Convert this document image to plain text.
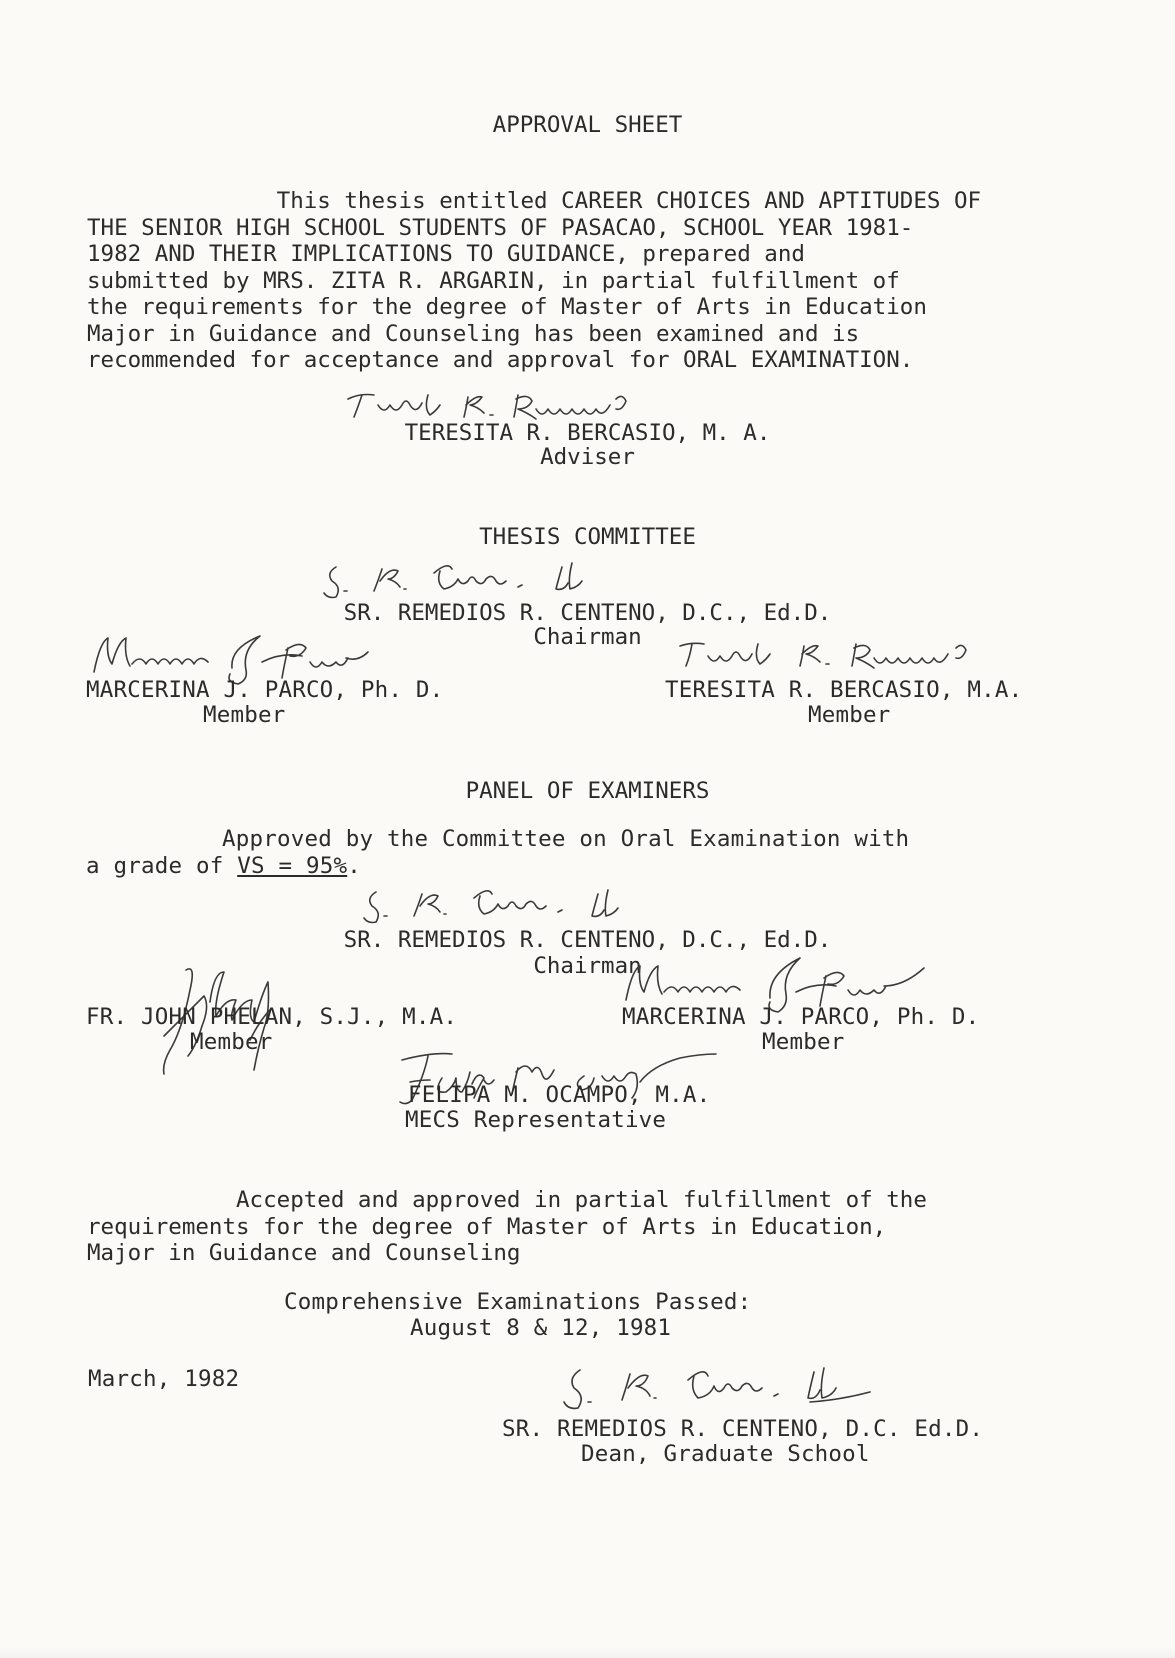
APPROVAL SHEET
This thesis entitled CAREER CHOICES AND APTITUDES OF
THE SENIOR HIGH SCHOOL STUDENTS OF PASACAO, SCHOOL YEAR 1981-
1982 AND THEIR IMPLICATIONS TO GUIDANCE, prepared and
submitted by MRS. ZITA R. ARGARIN, in partial fulfillment of
the requirements for the degree of Master of Arts in Education
Major in Guidance and Counseling has been examined and is
recommended for acceptance and approval for ORAL EXAMINATION.
TERESITA R. BERCASIO, M. A.
Adviser
THESIS COMMITTEE
SR. REMEDIOS R. CENTENO, D.C., Ed.D.
Chairman
MARCERINA J. PARCO, Ph. D.
Member
TERESITA R. BERCASIO, M.A.
Member
PANEL OF EXAMINERS
Approved by the Committee on Oral Examination with
a grade of VS = 95%.
SR. REMEDIOS R. CENTENO, D.C., Ed.D.
Chairman
FR. JOHN PHELAN, S.J., M.A.
Member
MARCERINA J. PARCO, Ph. D.
Member
FELIPA M. OCAMPO, M.A.
MECS Representative
Accepted and approved in partial fulfillment of the
requirements for the degree of Master of Arts in Education,
Major in Guidance and Counseling
Comprehensive Examinations Passed:
August 8 & 12, 1981
March, 1982
SR. REMEDIOS R. CENTENO, D.C. Ed.D.
Dean, Graduate School
